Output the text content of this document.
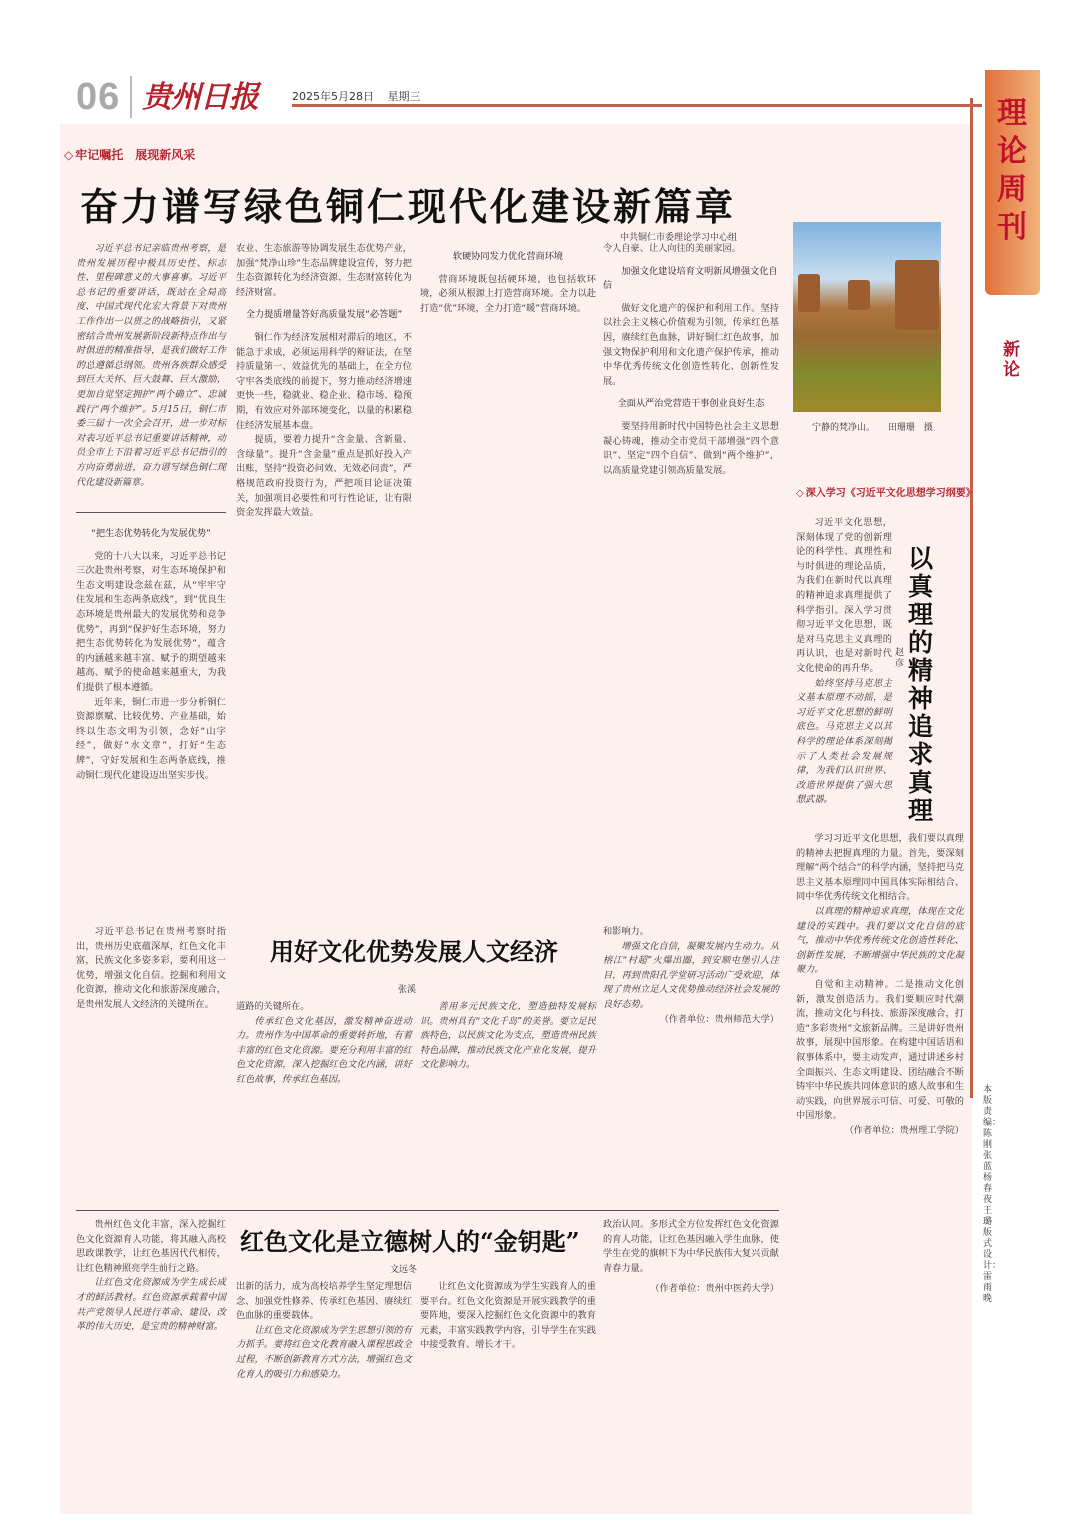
06 贵州日报	2025年5月28日 星期三	理论周刊
新论
◇ 牢记嘱托　展现新风采
奋力谱写绿色铜仁现代化建设新篇章
中共铜仁市委理论学习中心组

习近平总书记亲临贵州考察，是贵州发展历程中极具历史性、标志性、里程碑意义的大事喜事。习近平总书记的重要讲话，既站在全局高度、中国式现代化宏大背景下对贵州工作作出一以贯之的战略指引，又紧密结合贵州发展新阶段新特点作出与时俱进的精准指导，是我们做好工作的总遵循总纲领。贵州各族群众感受到巨大关怀、巨大鼓舞、巨大激励，更加自觉坚定拥护“两个确立”、忠诚践行“两个维护”。5月15日，铜仁市委三届十一次全会召开，进一步对标对表习近平总书记重要讲话精神，动员全市上下沿着习近平总书记指引的方向奋勇前进，奋力谱写绿色铜仁现代化建设新篇章。

“把生态优势转化为发展优势”

党的十八大以来，习近平总书记三次赴贵州考察，对生态环境保护和生态文明建设念兹在兹，从“牢牢守住发展和生态两条底线”，到“优良生态环境是贵州最大的发展优势和竞争优势”，再到“保护好生态环境，努力把生态优势转化为发展优势”，蕴含的内涵越来越丰富、赋予的期望越来越高、赋予的使命越来越重大，为我们提供了根本遵循。

近年来，铜仁市进一步分析铜仁资源禀赋、比较优势、产业基础，始终以生态文明为引领，念好“山字经”，做好“水文章”，打好“生态牌”，守好发展和生态两条底线，推动铜仁现代化建设迈出坚实步伐。

农业、生态旅游等协调发展生态优势产业，加强“梵净山珍”生态品牌建设宣传，努力把生态资源转化为经济资源、生态财富转化为经济财富。

全力提质增量答好高质量发展“必答题”

铜仁作为经济发展相对滞后的地区，不能急于求成，必须运用科学的辩证法，在坚持质量第一、效益优先的基础上，在全方位守牢各类底线的前提下，努力推动经济增速更快一些，稳就业、稳企业、稳市场、稳预期，有效应对外部环境变化，以量的积累稳住经济发展基本盘。

提质，要着力提升“含金量、含新量、含绿量”。提升“含金量”重点是抓好投入产出账，坚持“投资必问效、无效必问责”，严格规范政府投资行为，严把项目论证决策关，加强项目必要性和可行性论证，让有限资金发挥最大效益。

软硬协同发力优化营商环境

营商环境既包括硬环境，也包括软环境，必须从根源上打造营商环境。全力以赴打造“优”环境，全力打造“暖”营商环境。

令人自豪、让人向往的美丽家园。

加强文化建设培育文明新风增强文化自信

做好文化遗产的保护和利用工作。坚持以社会主义核心价值观为引领，传承红色基因，赓续红色血脉，讲好铜仁红色故事，加强文物保护利用和文化遗产保护传承，推动中华优秀传统文化创造性转化、创新性发展。

全面从严治党营造干事创业良好生态

要坚持用新时代中国特色社会主义思想凝心铸魂，推动全市党员干部增强“四个意识”、坚定“四个自信”、做到“两个维护”，以高质量党建引领高质量发展。

宁静的梵净山。 田珊珊　摄
◇ 深入学习《习近平文化思想学习纲要》

习近平文化思想，深刻体现了党的创新理论的科学性、真理性和与时俱进的理论品质，为我们在新时代以真理的精神追求真理提供了科学指引。深入学习贯彻习近平文化思想，既是对马克思主义真理的再认识，也是对新时代文化使命的再升华。

始终坚持马克思主义基本原理不动摇，是习近平文化思想的鲜明底色。马克思主义以其科学的理论体系深刻揭示了人类社会发展规律，为我们认识世界、改造世界提供了强大思想武器。

以真理的精神追求真理
赵彦

学习习近平文化思想，我们要以真理的精神去把握真理的力量。首先，要深刻理解“两个结合”的科学内涵，坚持把马克思主义基本原理同中国具体实际相结合、同中华优秀传统文化相结合。

以真理的精神追求真理，体现在文化建设的实践中。我们要以文化自信的底气，推动中华优秀传统文化创造性转化、创新性发展，不断增强中华民族的文化凝聚力。

自觉和主动精神。二是推动文化创新，激发创造活力。我们要顺应时代潮流，推动文化与科技、旅游深度融合，打造“多彩贵州”文旅新品牌。三是讲好贵州故事，展现中国形象。在构建中国话语和叙事体系中，要主动发声，通过讲述乡村全面振兴、生态文明建设、团结融合不断铸牢中华民族共同体意识的感人故事和生动实践，向世界展示可信、可爱、可敬的中国形象。

（作者单位：贵州理工学院）

习近平总书记在贵州考察时指出，贵州历史底蕴深厚，红色文化丰富，民族文化多姿多彩，要利用这一优势，增强文化自信。挖掘和利用文化资源，推动文化和旅游深度融合，是贵州发展人文经济的关键所在。

用好文化优势发展人文经济
张溪

道路的关键所在。

传承红色文化基因，激发精神奋进动力。贵州作为中国革命的重要转折地，有着丰富的红色文化资源。要充分利用丰富的红色文化资源，深入挖掘红色文化内涵，讲好红色故事，传承红色基因。

善用多元民族文化，塑造独特发展标识。贵州具有“文化千岛”的美誉。要立足民族特色，以民族文化为支点，塑造贵州民族特色品牌，推动民族文化产业化发展，提升文化影响力。

和影响力。

增强文化自信，凝聚发展内生动力。从榕江“村超”火爆出圈，到安顺屯堡引人注目，再到贵阳孔学堂研习活动广受欢迎，体现了贵州立足人文优势推动经济社会发展的良好态势。

（作者单位：贵州师范大学）

贵州红色文化丰富，深入挖掘红色文化资源育人功能，将其融入高校思政课教学，让红色基因代代相传，让红色精神照亮学生前行之路。

让红色文化资源成为学生成长成才的鲜活教材。红色资源承载着中国共产党领导人民进行革命、建设、改革的伟大历史，是宝贵的精神财富。

红色文化是立德树人的“金钥匙”
文远冬

出新的活力，成为高校培养学生坚定理想信念、加强党性修养、传承红色基因、赓续红色血脉的重要载体。

让红色文化资源成为学生思想引领的有力抓手。要将红色文化教育融入课程思政全过程，不断创新教育方式方法，增强红色文化育人的吸引力和感染力。

让红色文化资源成为学生实践育人的重要平台。红色文化资源是开展实践教学的重要阵地，要深入挖掘红色文化资源中的教育元素，丰富实践教学内容，引导学生在实践中接受教育、增长才干。

政治认同。多形式全方位发挥红色文化资源的育人功能，让红色基因融入学生血脉，使学生在党的旗帜下为中华民族伟大复兴贡献青春力量。

（作者单位：贵州中医药大学）

本版责编：陈刚　张蓝　杨春夜　王璐　版式设计：雷雨晚
